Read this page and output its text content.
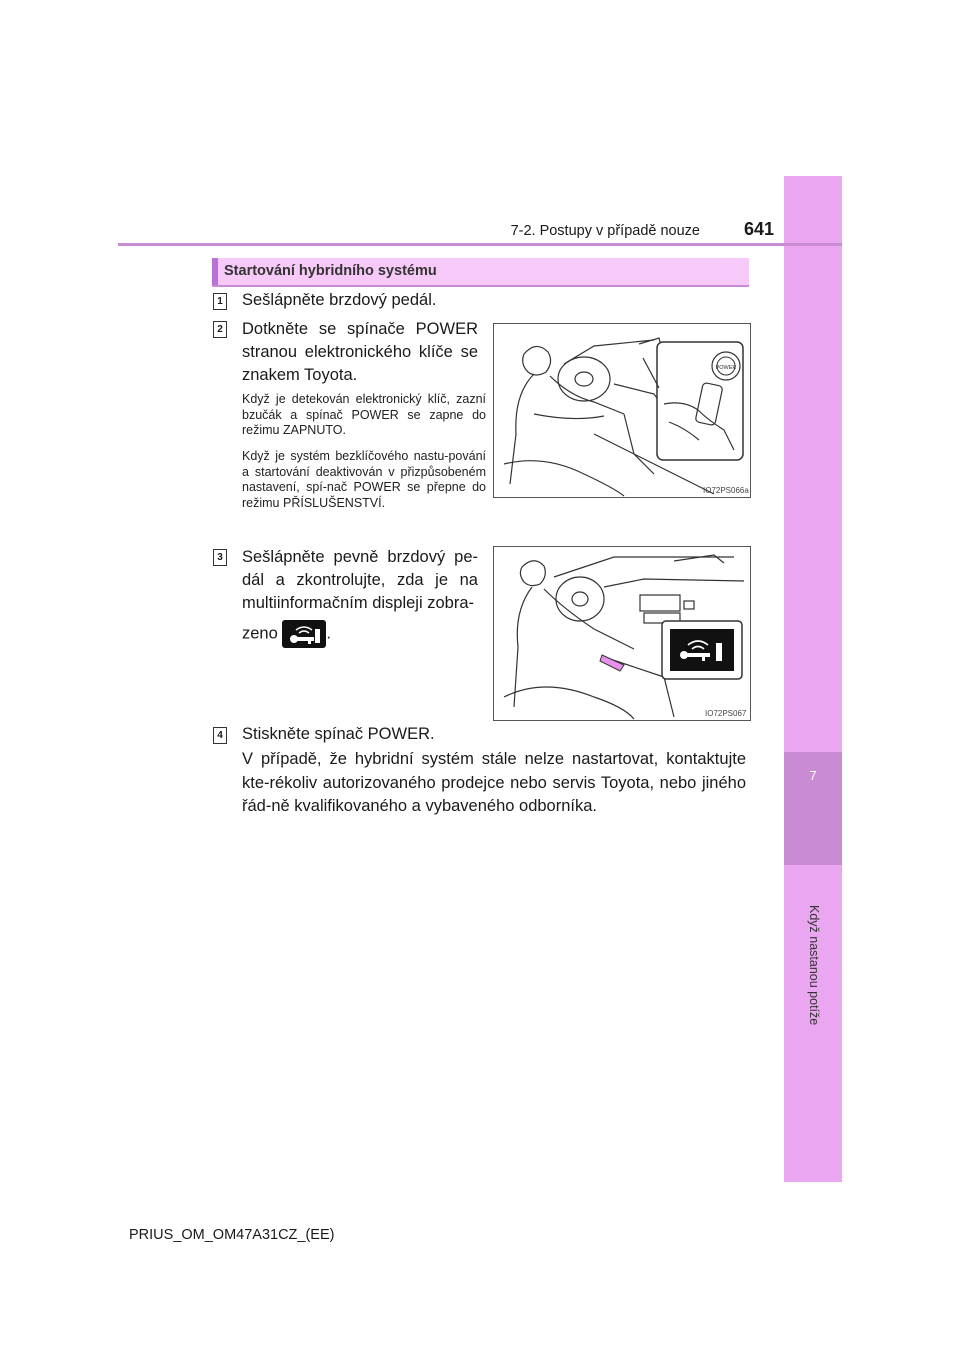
7
Když nastanou potíže
7-2. Postupy v případě nouze	641
Startování hybridního systému
1 Sešlápněte brzdový pedál.
2 Dotkněte se spínače POWER stranou elektronického klíče se znakem Toyota.
Když je detekován elektronický klíč, zazní bzučák a spínač POWER se zapne do režimu ZAPNUTO.
Když je systém bezklíčového nastu-pování a startování deaktivován v přizpůsobeném nastavení, spí-nač POWER se přepne do režimu PŘÍSLUŠENSTVÍ.
POWER
IO72PS066a
3 Sešlápněte pevně brzdový pe-dál a zkontrolujte, zda je na multiinformačním displeji zobra-
zeno	.
IO72PS067
4 Stiskněte spínač POWER.
V případě, že hybridní systém stále nelze nastartovat, kontaktujte kte-rékoliv autorizovaného prodejce nebo servis Toyota, nebo jiného řád-ně kvalifikovaného a vybaveného odborníka.
PRIUS_OM_OM47A31CZ_(EE)
